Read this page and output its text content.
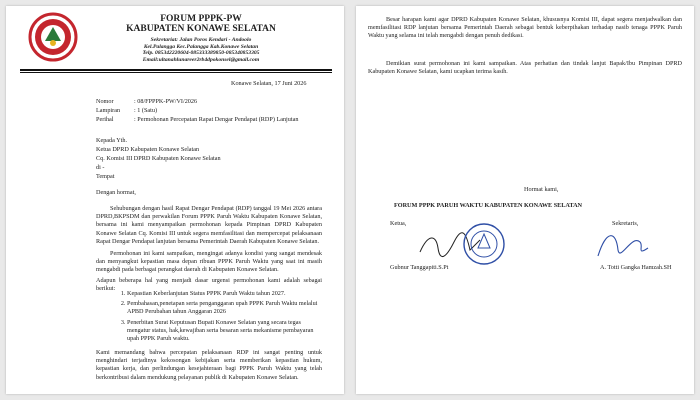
FORUM PPPK-PW
KABUPATEN KONAWE SELATAN
Sekretariat: Jalan Poros Kendari - Andoolo
Kel.Palangga Kec.Palangga Kab.Konawe Selatan
Telp. 085342220604-085333389850-085340853305
Email:ultanahlunareer2rb4dpokonsel@gmail.com
Konawe Selatan, 17 Juni 2026
Nomor	: 08/FPPPK-PW/VI/2026
Lampiran : 1 (Satu)
Perihal	: Permohonan Percepatan Rapat Dengar Pendapat (RDP) Lanjutan
Kepada Yth.
Ketua DPRD Kabupaten Konawe Selatan
Cq. Komisi III DPRD Kabupaten Konawe Selatan
di -
Tempat
Dengan hormat,
Sehubungan dengan hasil Rapat Dengar Pendapat (RDP) tanggal 19 Mei 2026 antara DPRD,BKPSDM dan perwakilan Forum PPPK Paruh Waktu Kabupaten Konawe Selatan, bersama ini kami menyampaikan permohonan kepada Pimpinan DPRD Kabupaten Konawe Selatan Cq. Komisi III untuk segera memfasilitasi dan mempercepat pelaksanaan Rapat Dengar Pendapat lanjutan bersama Pemerintah Daerah Kabupaten Konawe Selatan.
Permohonan ini kami sampaikan, mengingat adanya kondisi yang sangat mendesak dan menyangkut kepastian masa depan ribuan PPPK Paruh Waktu yang saat ini masih mengabdi pada berbagai perangkat daerah di Kabupaten Konawe Selatan.
Adapun beberapa hal yang menjadi dasar urgensi permohonan kami adalah sebagai berikut:
1. Kepastian Keberlanjutan Status PPPK Paruh Waktu tahun 2027.
2. Pembahasan,penetapan serta penganggaran upah PPPK Paruh Waktu melalui APBD Perubahan tahun Anggaran 2026
3. Penerbitan Surat Keputusan Bupati Konawe Selatan yang secara tegas mengatur status, hak,kewajiban serta besaran serta mekanisme pembayaran upah PPPK Paruh waktu.
Kami memandang bahwa percepatan pelaksanaan RDP ini sangat penting untuk menghindari terjadinya kekosongan kebijakan serta memberikan kepastian hukum, kepastian kerja, dan perlindungan kesejahteraan bagi PPPK Paruh Waktu yang telah berkontribusi dalam mendukung pelayanan publik di Kabupaten Konawe Selatan.
Besar harapan kami agar DPRD Kabupaten Konawe Selatan, khususnya Komisi III, dapat segera menjadwalkan dan memfasilitasi RDP lanjutan bersama Pemerintah Daerah sebagai bentuk keberpihakan terhadap nasib tenaga PPPK Paruh Waktu yang selama ini telah mengabdi dengan penuh dedikasi.
Demikian surat permohonan ini kami sampaikan. Atas perhatian dan tindak lanjut Bapak/Ibu Pimpinan DPRD Kabupaten Konawe Selatan, kami ucapkan terima kasih.
Hormat kami,
FORUM PPPK PARUH WAKTU KABUPATEN KONAWE SELATAN
Ketua,	Sekretaris,
Gubnur Tanggapiti.S.Pt	A. Totti Gangka Hamzah.SH
